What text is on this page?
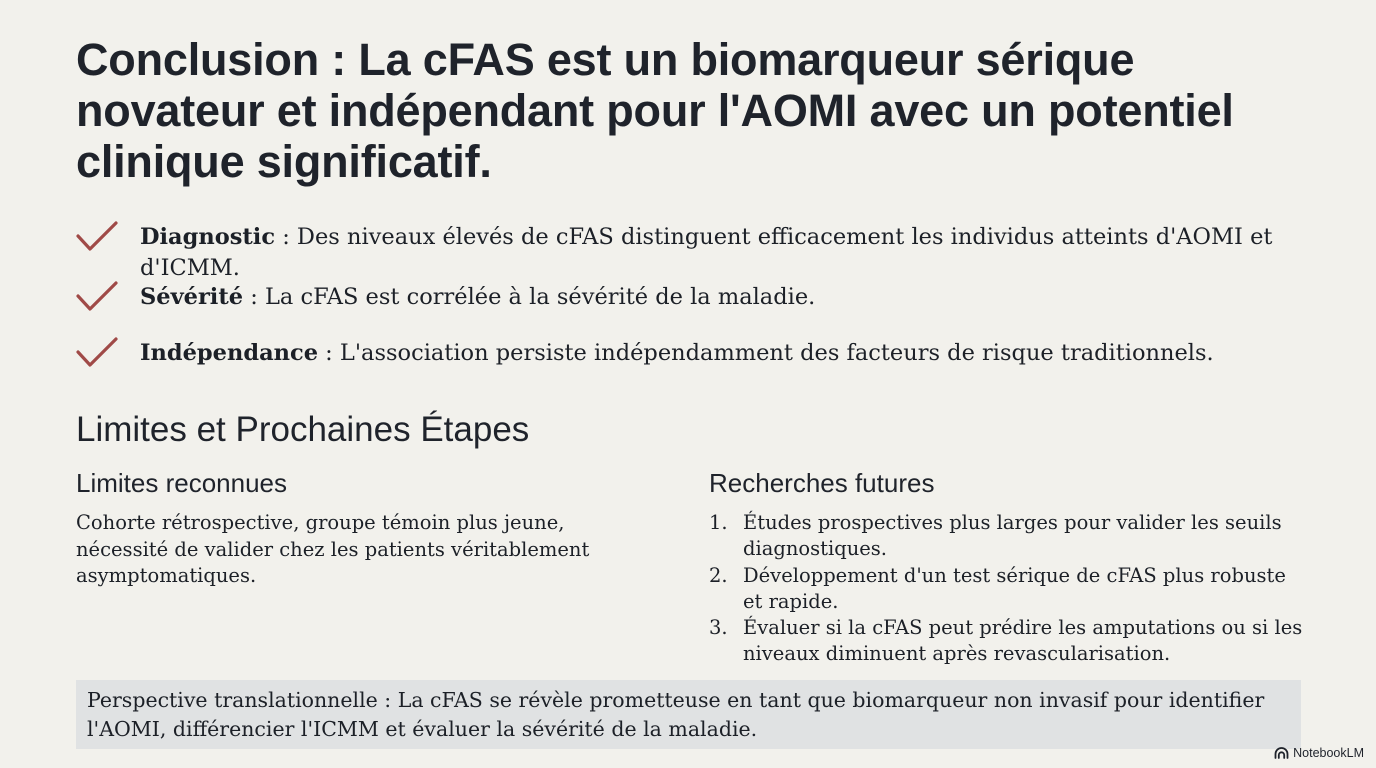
Conclusion : La cFAS est un biomarqueur sérique novateur et indépendant pour l'AOMI avec un potentiel clinique significatif.
Diagnostic : Des niveaux élevés de cFAS distinguent efficacement les individus atteints d'AOMI et d'ICMM.
Sévérité : La cFAS est corrélée à la sévérité de la maladie.
Indépendance : L'association persiste indépendamment des facteurs de risque traditionnels.
Limites et Prochaines Étapes
Limites reconnues

Cohorte rétrospective, groupe témoin plus jeune, nécessité de valider chez les patients véritablement asymptomatiques.

Recherches futures
1. Études prospectives plus larges pour valider les seuils diagnostiques.
2. Développement d'un test sérique de cFAS plus robuste et rapide.
3. Évaluer si la cFAS peut prédire les amputations ou si les niveaux diminuent après revascularisation.
Perspective translationnelle : La cFAS se révèle prometteuse en tant que biomarqueur non invasif pour identifier l'AOMI, différencier l'ICMM et évaluer la sévérité de la maladie.
NotebookLM
